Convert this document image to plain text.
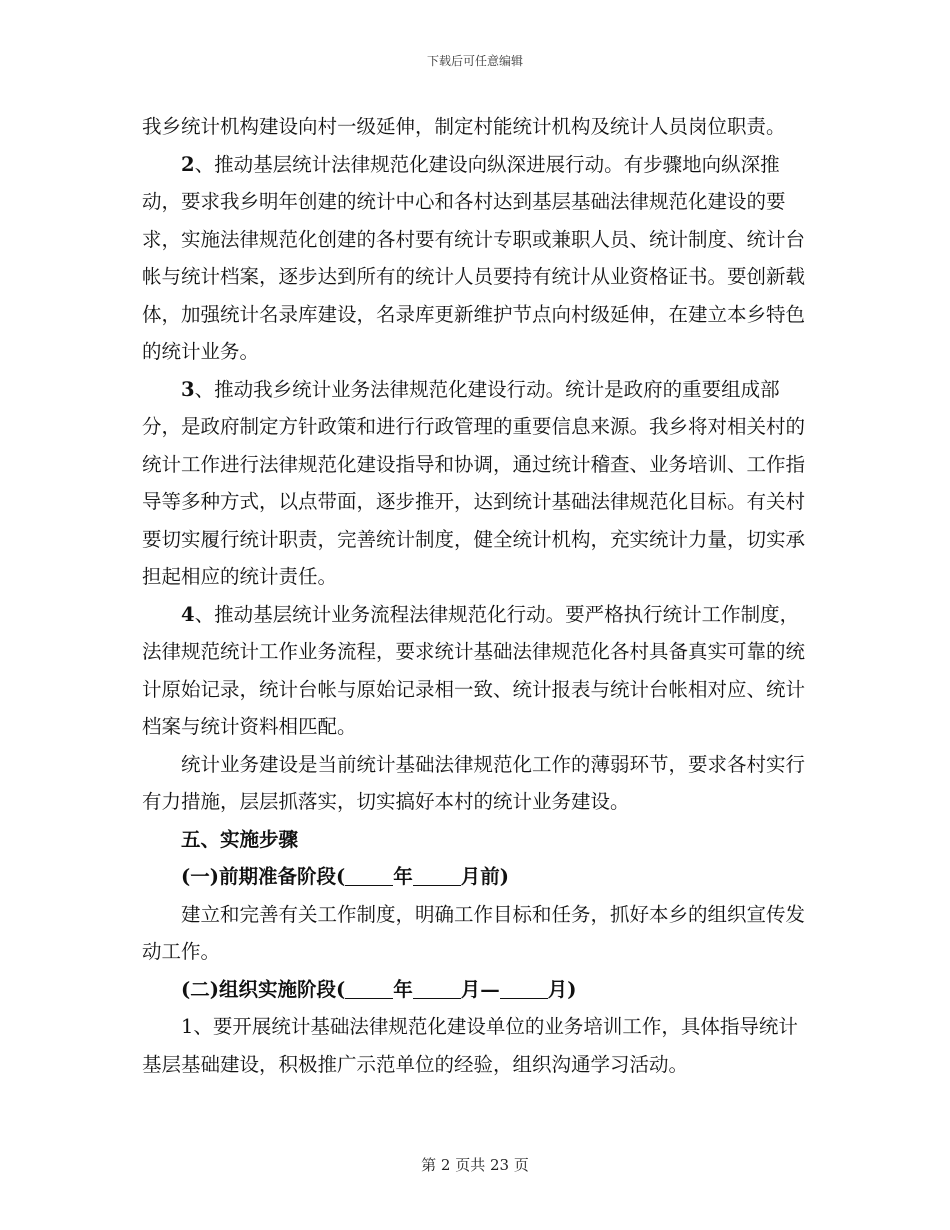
下载后可任意编辑

我乡统计机构建设向村一级延伸，制定村能统计机构及统计人员岗位职责。

2、推动基层统计法律规范化建设向纵深进展行动。有步骤地向纵深推动，要求我乡明年创建的统计中心和各村达到基层基础法律规范化建设的要求，实施法律规范化创建的各村要有统计专职或兼职人员、统计制度、统计台帐与统计档案，逐步达到所有的统计人员要持有统计从业资格证书。要创新载体，加强统计名录库建设，名录库更新维护节点向村级延伸，在建立本乡特色的统计业务。

3、推动我乡统计业务法律规范化建设行动。统计是政府的重要组成部分，是政府制定方针政策和进行行政管理的重要信息来源。我乡将对相关村的统计工作进行法律规范化建设指导和协调，通过统计稽查、业务培训、工作指导等多种方式，以点带面，逐步推开，达到统计基础法律规范化目标。有关村要切实履行统计职责，完善统计制度，健全统计机构，充实统计力量，切实承担起相应的统计责任。

4、推动基层统计业务流程法律规范化行动。要严格执行统计工作制度，法律规范统计工作业务流程，要求统计基础法律规范化各村具备真实可靠的统计原始记录，统计台帐与原始记录相一致、统计报表与统计台帐相对应、统计档案与统计资料相匹配。

统计业务建设是当前统计基础法律规范化工作的薄弱环节，要求各村实行有力措施，层层抓落实，切实搞好本村的统计业务建设。

五、实施步骤

(一)前期准备阶段( 年 月前)

建立和完善有关工作制度，明确工作目标和任务，抓好本乡的组织宣传发动工作。

(二)组织实施阶段( 年 月— 月)

1、要开展统计基础法律规范化建设单位的业务培训工作，具体指导统计基层基础建设，积极推广示范单位的经验，组织沟通学习活动。

第 2 页共 23 页
